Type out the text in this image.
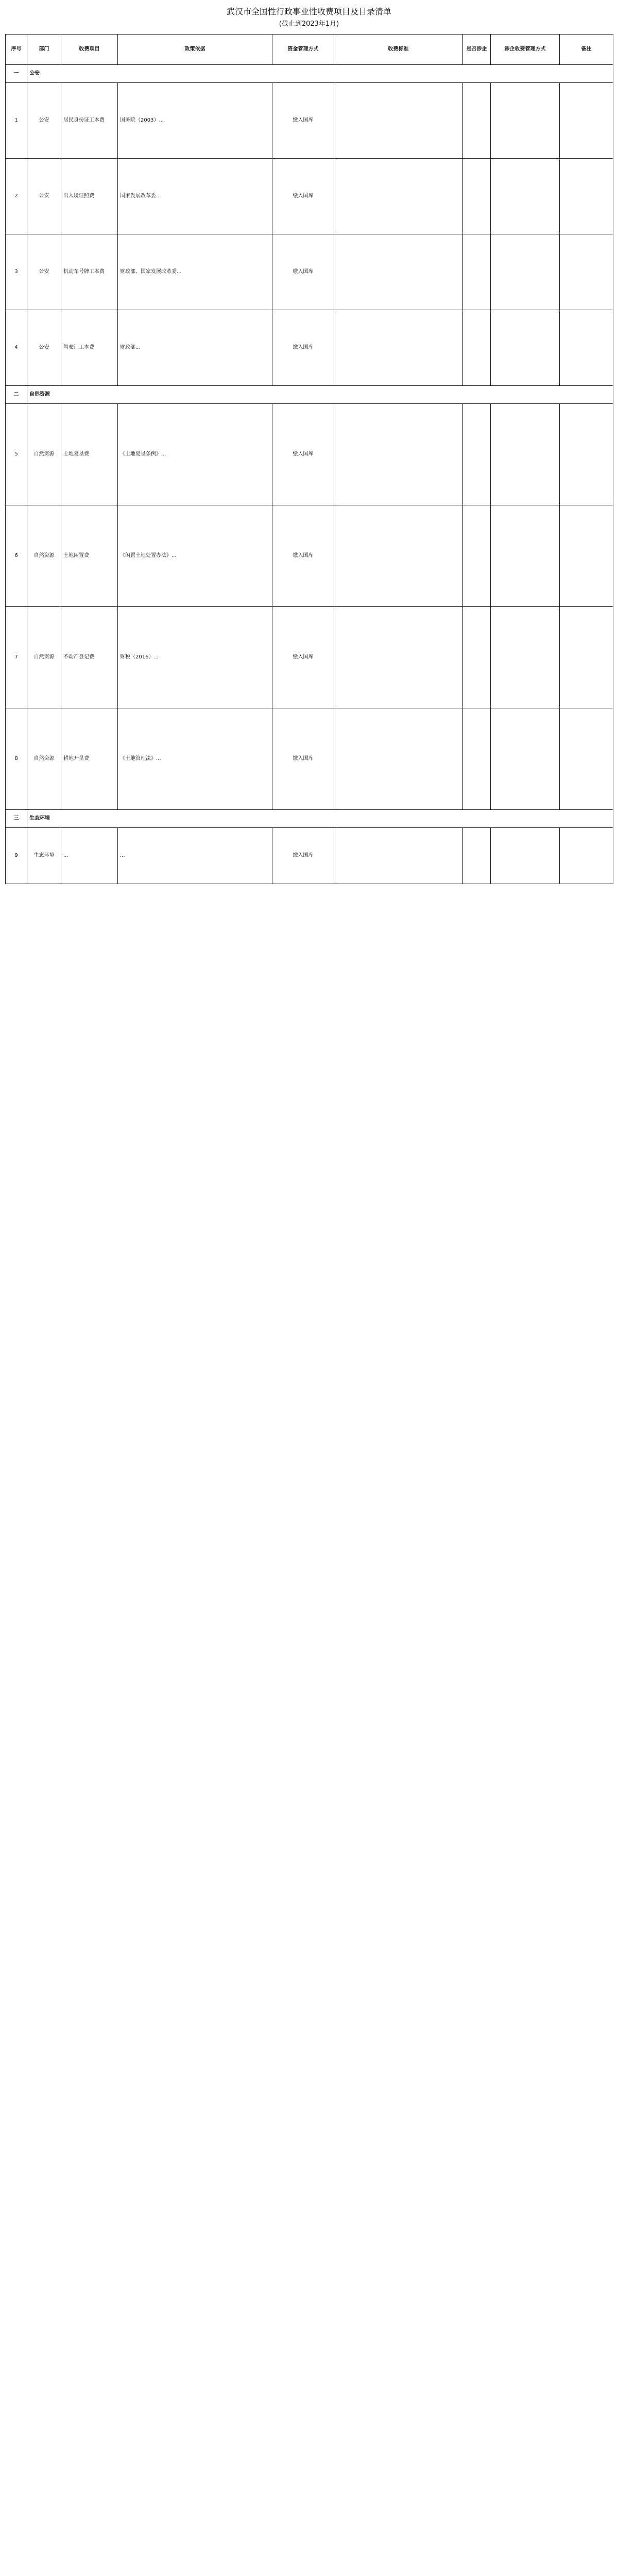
武汉市全国性行政事业性收费项目及目录清单
(截止到2023年1月)
序号	部门	收费项目	政策依据	资金管理方式	收费标准	是否涉企	涉企收费管理方式	备注
一	公安							
1	公安	居民身份证工本费	国务院（2003）...	缴入国库				
2	公安	出入境证照费	国家发展改革委...	缴入国库				
3	公安	机动车号牌工本费	财政部、国家发展改革委...	缴入国库				
4	公安	驾驶证工本费	财政部...	缴入国库				
二	自然资源							
5	自然资源	土地复垦费	《土地复垦条例》...	缴入国库				
6	自然资源	土地闲置费	《闲置土地处置办法》...	缴入国库				
7	自然资源	不动产登记费	财税（2016）...	缴入国库				
8	自然资源	耕地开垦费	《土地管理法》...	缴入国库				
三	生态环境							
9	生态环境	...	...	缴入国库				
